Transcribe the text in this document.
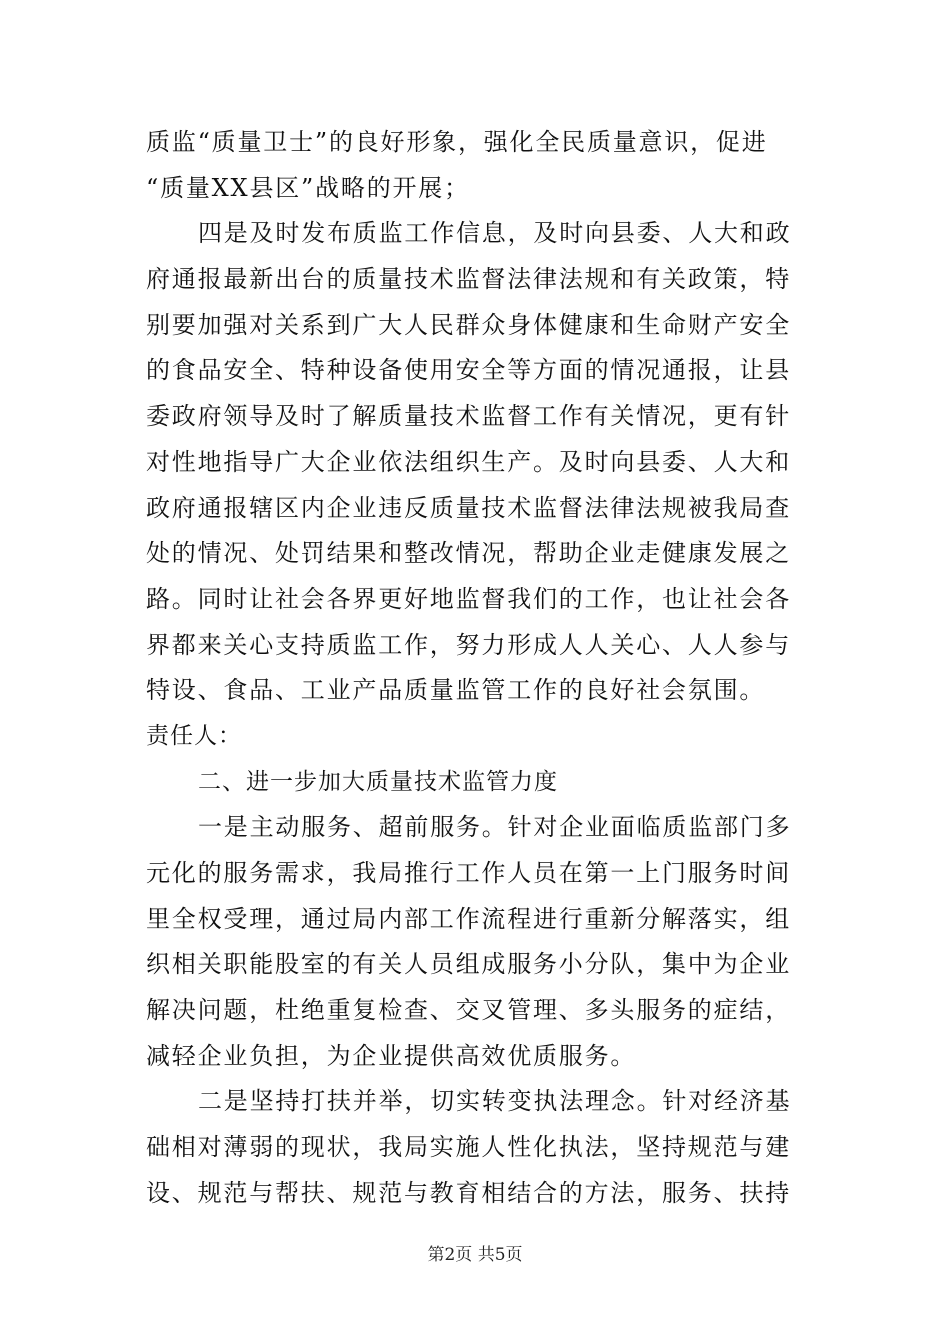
质监“质量卫士”的良好形象，强化全民质量意识，促进
“质量XX县区”战略的开展；
四是及时发布质监工作信息，及时向县委、人大和政
府通报最新出台的质量技术监督法律法规和有关政策，特
别要加强对关系到广大人民群众身体健康和生命财产安全
的食品安全、特种设备使用安全等方面的情况通报，让县
委政府领导及时了解质量技术监督工作有关情况，更有针
对性地指导广大企业依法组织生产。及时向县委、人大和
政府通报辖区内企业违反质量技术监督法律法规被我局查
处的情况、处罚结果和整改情况，帮助企业走健康发展之
路。同时让社会各界更好地监督我们的工作，也让社会各
界都来关心支持质监工作，努力形成人人关心、人人参与
特设、食品、工业产品质量监管工作的良好社会氛围。
责任人：
二、进一步加大质量技术监管力度
一是主动服务、超前服务。针对企业面临质监部门多
元化的服务需求，我局推行工作人员在第一上门服务时间
里全权受理，通过局内部工作流程进行重新分解落实，组
织相关职能股室的有关人员组成服务小分队，集中为企业
解决问题，杜绝重复检查、交叉管理、多头服务的症结，
减轻企业负担，为企业提供高效优质服务。
二是坚持打扶并举，切实转变执法理念。针对经济基
础相对薄弱的现状，我局实施人性化执法，坚持规范与建
设、规范与帮扶、规范与教育相结合的方法，服务、扶持
第2页 共5页
